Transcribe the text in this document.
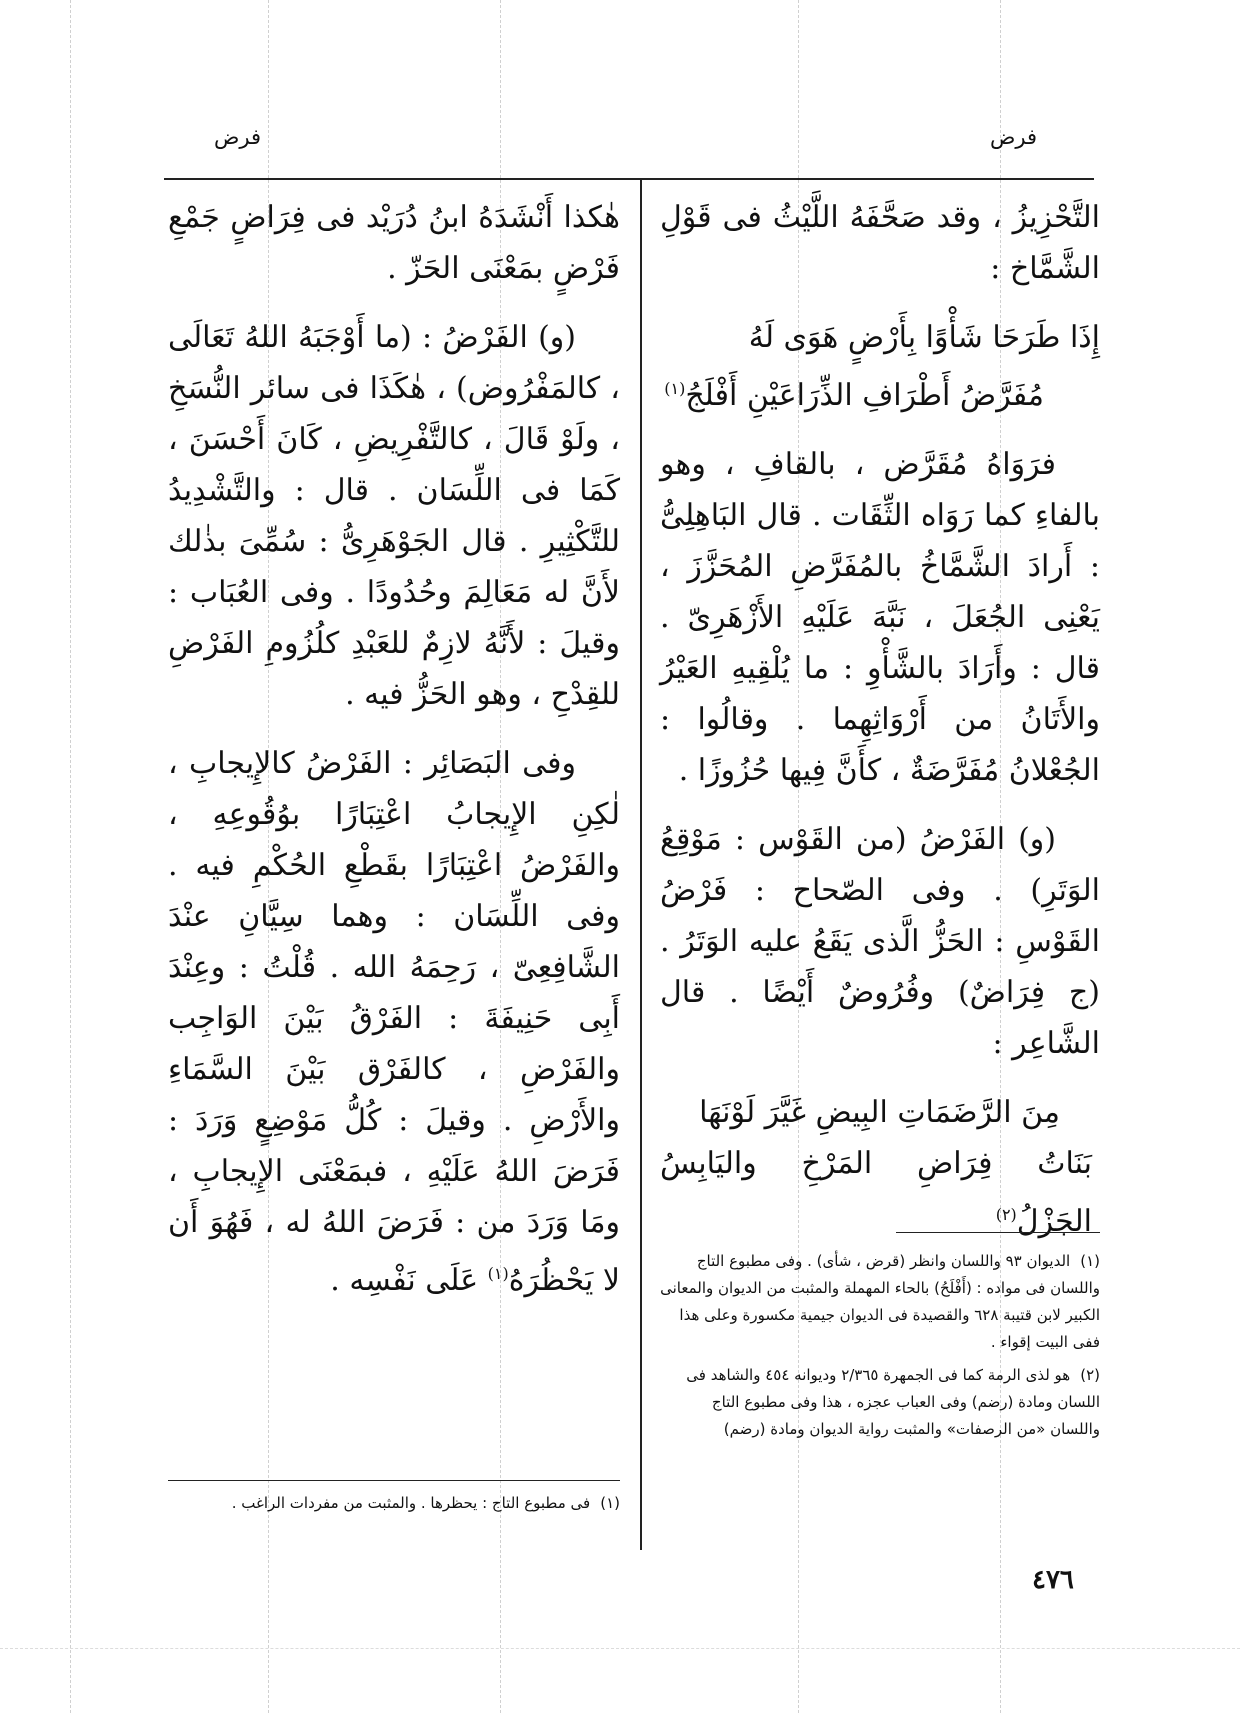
فرض	فرض

التَّحْزِيزُ ، وقد صَحَّفَهُ اللَّيْثُ فى قَوْلِ الشَّمَّاخ :

إِذَا طَرَحَا شَأْوًا بِأَرْضٍ هَوَى لَهُ
مُفَرَّضُ أَطْرَافِ الذِّرَاعَيْنِ أَفْلَجُ$^{(١)}$

فرَوَاهُ مُقَرَّض ، بالقافِ ، وهو بالفاءِ كما رَوَاه الثِّقَات . قال البَاهِلِىُّ : أَرادَ الشَّمَّاخُ بالمُفَرَّضِ المُحَزَّزَ ، يَعْنِى الجُعَلَ ، نَبَّهَ عَلَيْهِ الأَزْهَرِىّ . قال : وأَرَادَ بالشَّأْوِ : ما يُلْقِيهِ العَيْرُ والأَتَانُ من أَرْوَاثِهِما . وقالُوا : الجُعْلانُ مُفَرَّضَةٌ ، كأَنَّ فِيها حُزُوزًا .

(و) الفَرْضُ (من القَوْس : مَوْقِعُ الوَتَرِ) . وفى الصّحاح : فَرْضُ القَوْسِ : الحَزُّ الَّذى يَقَعُ عليه الوَتَرُ . (ج فِرَاضٌ) وفُرُوضٌ أَيْضًا . قال الشَّاعِر :

مِنَ الرَّضَمَاتِ البِيضِ غَيَّرَ لَوْنَهَا
بَنَاتُ فِرَاضِ المَرْخِ واليَابِسُ الجَزْلُ$^{(٢)}$

(١)الديوان ٩٣ واللسان وانظر (قرض ، شأى) . وفى مطبوع التاج واللسان فى مواده : (أَفْلَحُ) بالحاء المهملة والمثبت من الديوان والمعانى الكبير لابن قتيبة ٦٢٨ والقصيدة فى الديوان جيمية مكسورة وعلى هذا ففى البيت إقواء .
(٢)هو لذى الرمة كما فى الجمهرة ٢/٣٦٥ وديوانه ٤٥٤ والشاهد فى اللسان ومادة (رضم) وفى العباب عجزه ، هذا وفى مطبوع التاج واللسان «من الرصفات» والمثبت رواية الديوان ومادة (رضم)

هٰكذا أَنْشَدَهُ ابنُ دُرَيْد فى فِرَاضٍ جَمْعِ فَرْضٍ بمَعْنَى الحَزّ .

(و) الفَرْضُ : (ما أَوْجَبَهُ اللهُ تَعَالَى ، كالمَفْرُوض) ، هٰكَذَا فى سائر النُّسَخِ ، ولَوْ قَالَ ، كالتَّفْرِيضِ ، كَانَ أَحْسَنَ ، كَمَا فى اللِّسَان . قال : والتَّشْدِيدُ للتَّكْثِيرِ . قال الجَوْهَرِىُّ : سُمِّىَ بذٰلك لأَنَّ له مَعَالِمَ وحُدُودًا . وفى العُبَاب : وقيلَ : لأَنَّهُ لازِمٌ للعَبْدِ كلُزُومِ الفَرْضِ للقِدْحِ ، وهو الحَزُّ فيه .

وفى البَصَائِر : الفَرْضُ كالإِيجابِ ، لٰكِنِ الإِيجابُ اعْتِبَارًا بوُقُوعِهِ ، والفَرْضُ اعْتِبَارًا بقَطْعِ الحُكْمِ فيه . وفى اللِّسَان : وهما سِيَّانِ عنْدَ الشَّافِعِىّ ، رَحِمَهُ الله . قُلْتُ : وعِنْدَ أَبِى حَنِيفَةَ : الفَرْقُ بَيْنَ الوَاجِب والفَرْضِ ، كالفَرْق بَيْنَ السَّمَاءِ والأَرْضِ . وقيلَ : كُلُّ مَوْضِعٍ وَرَدَ : فَرَضَ اللهُ عَلَيْهِ ، فبمَعْنَى الإِيجابِ ، ومَا وَرَدَ من : فَرَضَ اللهُ له ، فَهُوَ أَن لا يَحْظُرَهُ$^{(١)}$ عَلَى نَفْسِه .

(١)فى مطبوع التاج : يحظرها . والمثبت من مفردات الراغب .
٤٧٦
